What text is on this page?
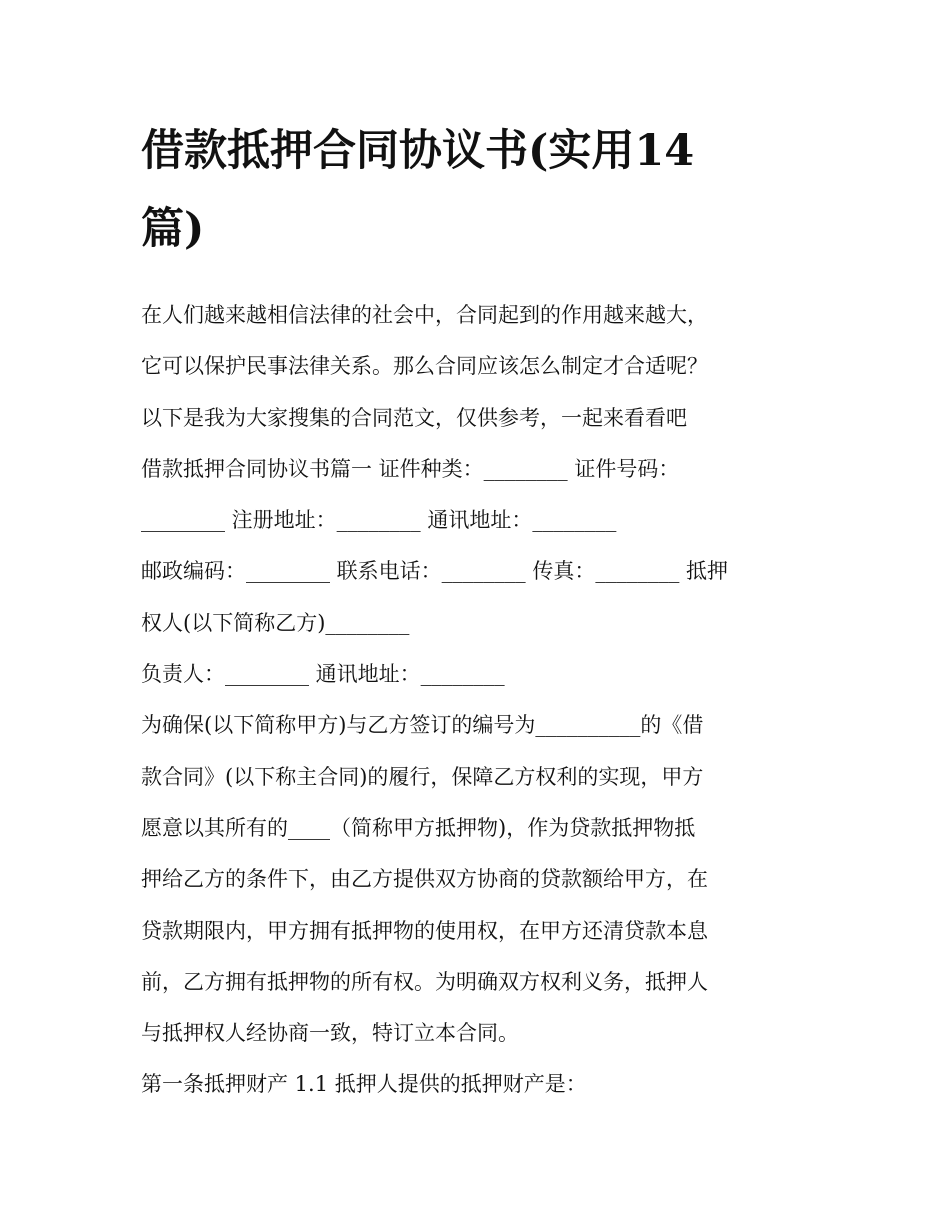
借款抵押合同协议书(实用14
篇)
在人们越来越相信法律的社会中，合同起到的作用越来越大，
它可以保护民事法律关系。那么合同应该怎么制定才合适呢？
以下是我为大家搜集的合同范文，仅供参考，一起来看看吧
借款抵押合同协议书篇一 证件种类：________ 证件号码：
________ 注册地址：________ 通讯地址：________
邮政编码：________ 联系电话：________ 传真：________ 抵押
权人(以下简称乙方)________
负责人：________ 通讯地址：________
为确保(以下简称甲方)与乙方签订的编号为__________的《借
款合同》(以下称主合同)的履行，保障乙方权利的实现，甲方
愿意以其所有的____（简称甲方抵押物)，作为贷款抵押物抵
押给乙方的条件下，由乙方提供双方协商的贷款额给甲方，在
贷款期限内，甲方拥有抵押物的使用权，在甲方还清贷款本息
前，乙方拥有抵押物的所有权。为明确双方权利义务，抵押人
与抵押权人经协商一致，特订立本合同。
第一条抵押财产 1.1 抵押人提供的抵押财产是：
